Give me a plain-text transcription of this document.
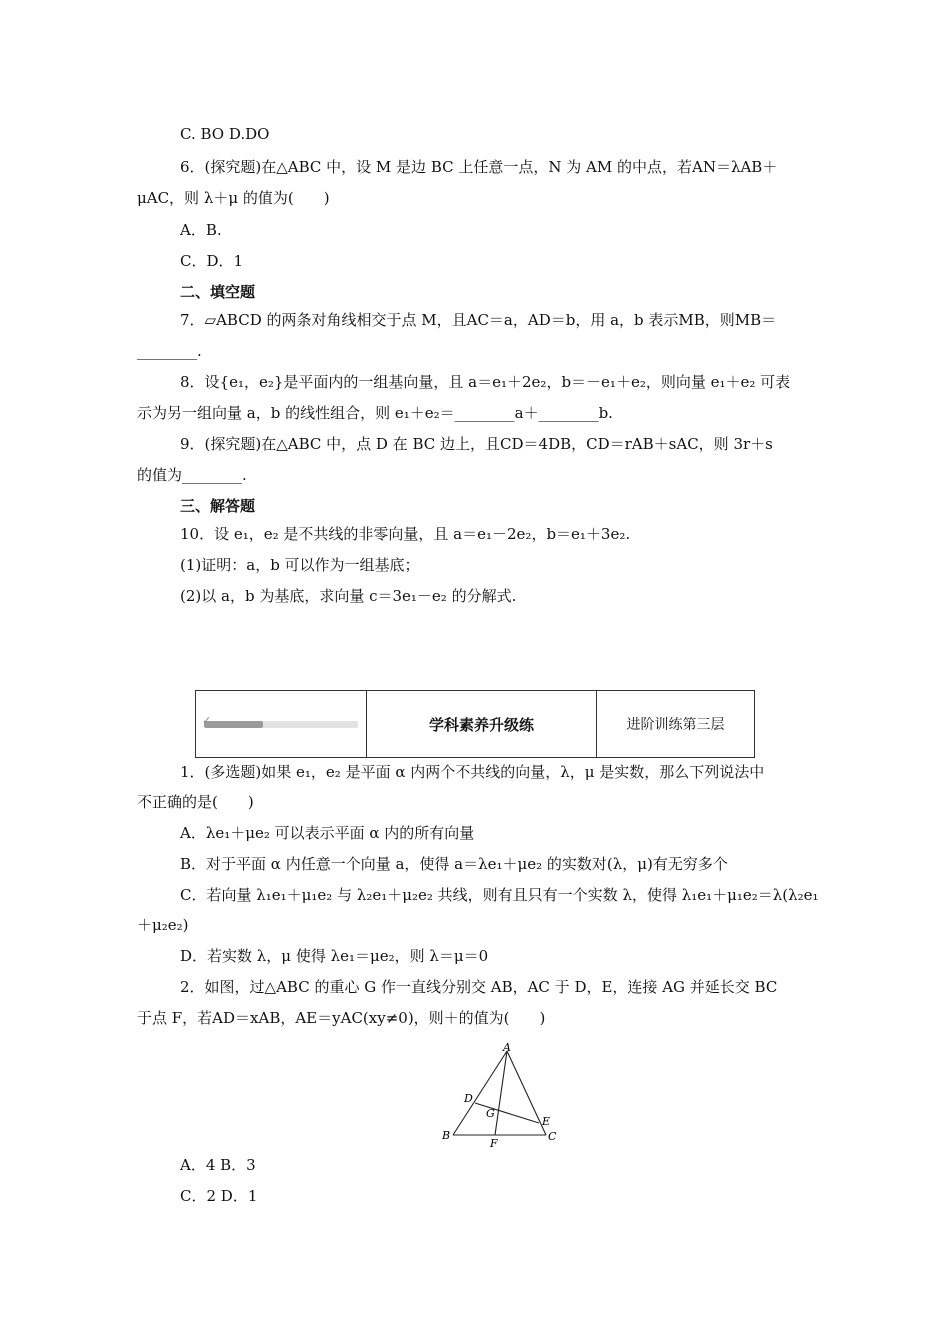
C. BO D.DO
6．(探究题)在△ABC 中，设 M 是边 BC 上任意一点，N 为 AM 的中点，若AN＝λAB＋
μAC，则 λ＋μ 的值为(　　)
A．B.
C．D．1
二、填空题
7．▱ABCD 的两条对角线相交于点 M，且AC＝a，AD＝b，用 a，b 表示MB，则MB＝
________.
8．设{e₁，e₂}是平面内的一组基向量，且 a＝e₁＋2e₂，b＝－e₁＋e₂，则向量 e₁＋e₂ 可表
示为另一组向量 a，b 的线性组合，则 e₁＋e₂＝________a＋________b.
9．(探究题)在△ABC 中，点 D 在 BC 边上，且CD＝4DB，CD＝rAB＋sAC，则 3r＋s
的值为________.
三、解答题
10．设 e₁，e₂ 是不共线的非零向量，且 a＝e₁－2e₂，b＝e₁＋3e₂.
(1)证明：a，b 可以作为一组基底；
(2)以 a，b 为基底，求向量 c＝3e₁－e₂ 的分解式.
✓	学科素养升级练	进阶训练第三层
1．(多选题)如果 e₁，e₂ 是平面 α 内两个不共线的向量，λ，μ 是实数，那么下列说法中
不正确的是(　　)
A．λe₁＋μe₂ 可以表示平面 α 内的所有向量
B．对于平面 α 内任意一个向量 a，使得 a＝λe₁＋μe₂ 的实数对(λ，μ)有无穷多个
C．若向量 λ₁e₁＋μ₁e₂ 与 λ₂e₁＋μ₂e₂ 共线，则有且只有一个实数 λ，使得 λ₁e₁＋μ₁e₂＝λ(λ₂e₁
＋μ₂e₂)
D．若实数 λ，μ 使得 λe₁＝μe₂，则 λ＝μ＝0
2．如图，过△ABC 的重心 G 作一直线分别交 AB，AC 于 D，E，连接 AG 并延长交 BC
于点 F，若AD＝xAB，AE＝yAC(xy≠0)，则＋的值为(　　)
A
B	C
D
E
F
G
A．4 B．3
C．2 D．1
